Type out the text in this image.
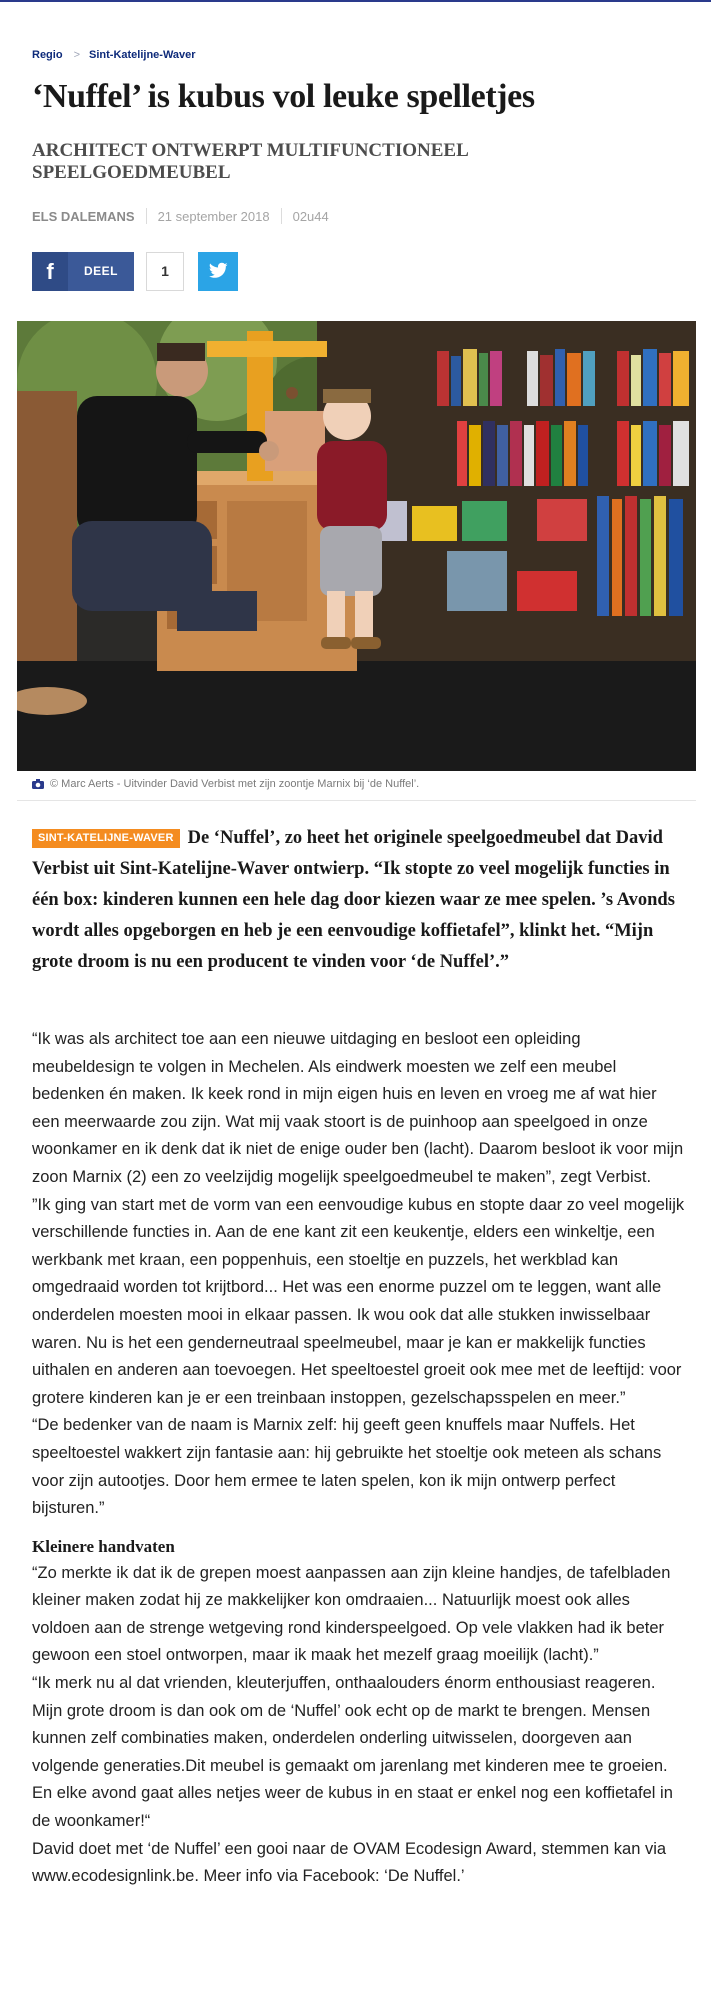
Regio > Sint-Katelijne-Waver
‘Nuffel’ is kubus vol leuke spelletjes
ARCHITECT ONTWERPT MULTIFUNCTIONEEL SPEELGOEDMEUBEL
ELS DALEMANS 21 september 2018 02u44
f	DEEL	1
© Marc Aerts - Uitvinder David Verbist met zijn zoontje Marnix bij ‘de Nuffel’.

SINT-KATELIJNE-WAVER De ‘Nuffel’, zo heet het originele speelgoedmeubel dat David Verbist uit Sint-Katelijne-Waver ontwierp. “Ik stopte zo veel mogelijk functies in één box: kinderen kunnen een hele dag door kiezen waar ze mee spelen. ’s Avonds wordt alles opgeborgen en heb je een eenvoudige koffietafel”, klinkt het. “Mijn grote droom is nu een producent te vinden voor ‘de Nuffel’.”

“Ik was als architect toe aan een nieuwe uitdaging en besloot een opleiding meubeldesign te volgen in Mechelen. Als eindwerk moesten we zelf een meubel bedenken én maken. Ik keek rond in mijn eigen huis en leven en vroeg me af wat hier een meerwaarde zou zijn. Wat mij vaak stoort is de puinhoop aan speelgoed in onze woonkamer en ik denk dat ik niet de enige ouder ben (lacht). Daarom besloot ik voor mijn zoon Marnix (2) een zo veelzijdig mogelijk speelgoedmeubel te maken”, zegt Verbist.

”Ik ging van start met de vorm van een eenvoudige kubus en stopte daar zo veel mogelijk verschillende functies in. Aan de ene kant zit een keukentje, elders een winkeltje, een werkbank met kraan, een poppenhuis, een stoeltje en puzzels, het werkblad kan omgedraaid worden tot krijtbord... Het was een enorme puzzel om te leggen, want alle onderdelen moesten mooi in elkaar passen. Ik wou ook dat alle stukken inwisselbaar waren. Nu is het een genderneutraal speelmeubel, maar je kan er makkelijk functies uithalen en anderen aan toevoegen. Het speeltoestel groeit ook mee met de leeftijd: voor grotere kinderen kan je er een treinbaan instoppen, gezelschapsspelen en meer.”

“De bedenker van de naam is Marnix zelf: hij geeft geen knuffels maar Nuffels. Het speeltoestel wakkert zijn fantasie aan: hij gebruikte het stoeltje ook meteen als schans voor zijn autootjes. Door hem ermee te laten spelen, kon ik mijn ontwerp perfect bijsturen.”

Kleinere handvaten

“Zo merkte ik dat ik de grepen moest aanpassen aan zijn kleine handjes, de tafelbladen kleiner maken zodat hij ze makkelijker kon omdraaien... Natuurlijk moest ook alles voldoen aan de strenge wetgeving rond kinderspeelgoed. Op vele vlakken had ik beter gewoon een stoel ontworpen, maar ik maak het mezelf graag moeilijk (lacht).”

“Ik merk nu al dat vrienden, kleuterjuffen, onthaalouders énorm enthousiast reageren. Mijn grote droom is dan ook om de ‘Nuffel’ ook echt op de markt te brengen. Mensen kunnen zelf combinaties maken, onderdelen onderling uitwisselen, doorgeven aan volgende generaties.Dit meubel is gemaakt om jarenlang met kinderen mee te groeien. En elke avond gaat alles netjes weer de kubus in en staat er enkel nog een koffietafel in de woonkamer!“

David doet met ‘de Nuffel’ een gooi naar de OVAM Ecodesign Award, stemmen kan via www.ecodesignlink.be. Meer info via Facebook: ‘De Nuffel.’
